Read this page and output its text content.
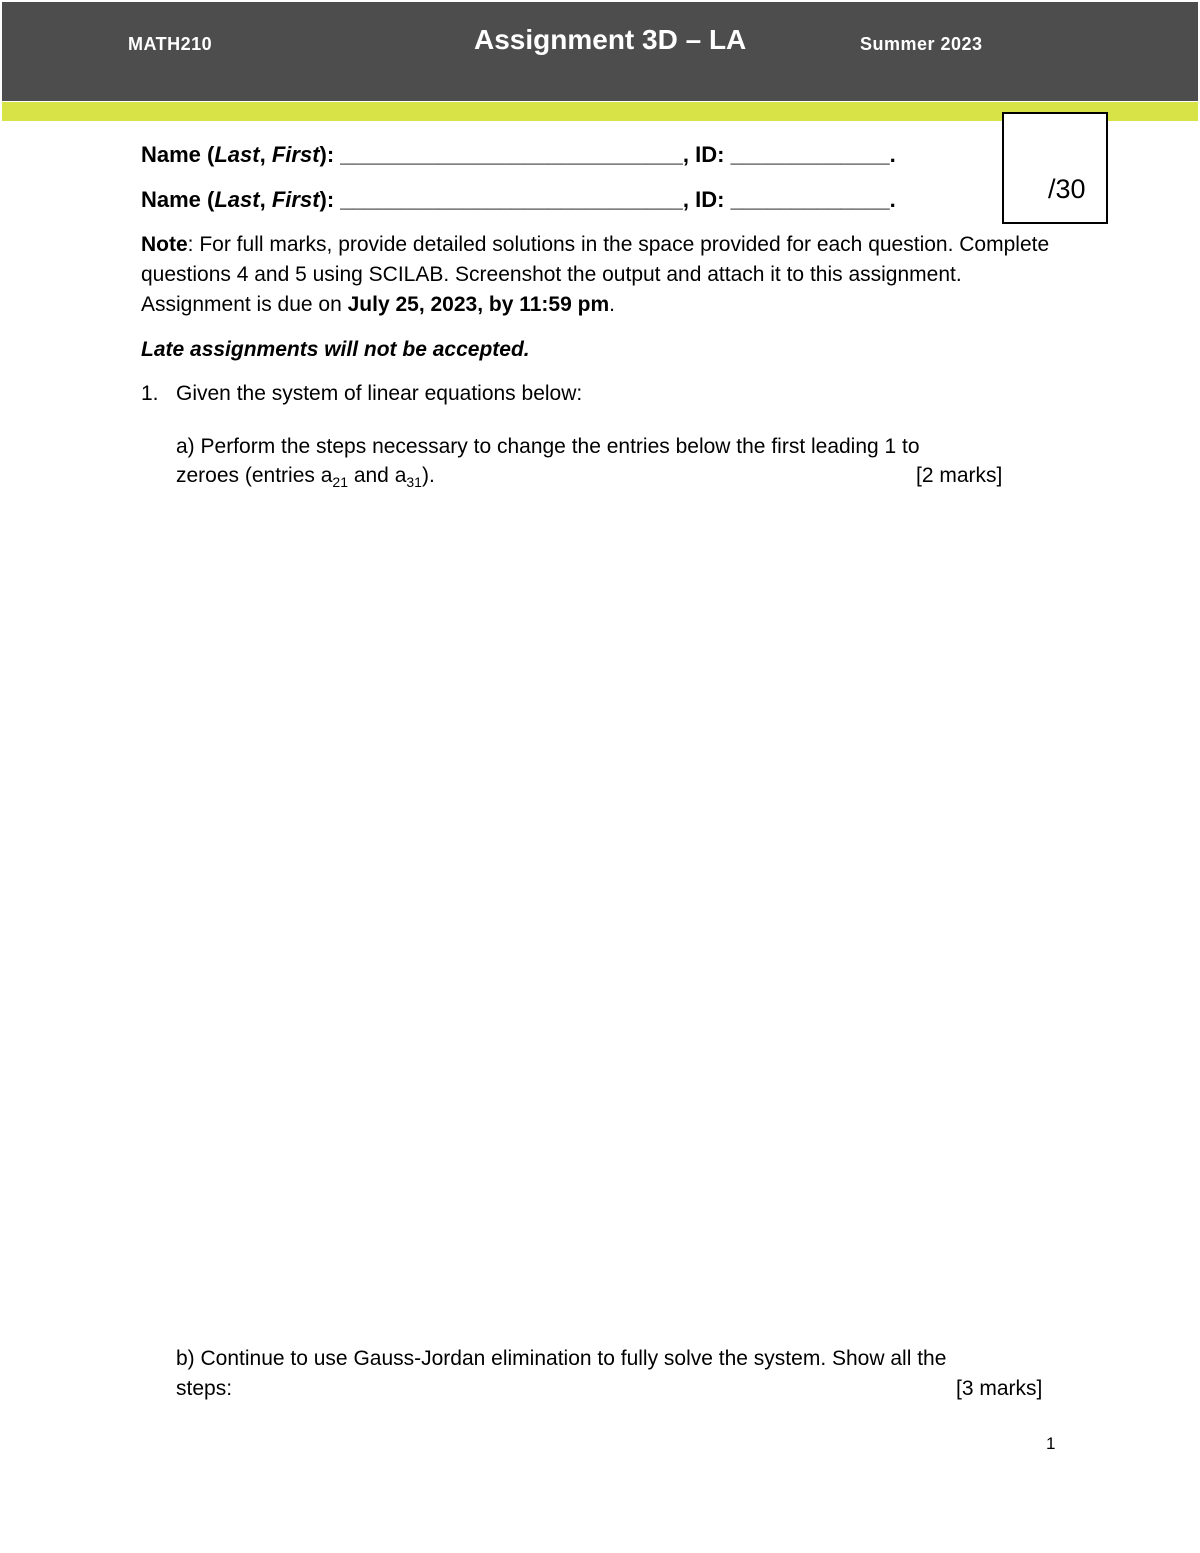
MATH210	Assignment 3D – LA	Summer 2023
/30
Name (Last, First): ____________________________, ID: _____________.
Name (Last, First): ____________________________, ID: _____________.
Note: For full marks, provide detailed solutions in the space provided for each question. Complete questions 4 and 5 using SCILAB. Screenshot the output and attach it to this assignment. Assignment is due on July 25, 2023, by 11:59 pm.
Late assignments will not be accepted.
1. Given the system of linear equations below:
a) Perform the steps necessary to change the entries below the first leading 1 to
zeroes (entries $a_{21}$ and $a_{31}$).	[2 marks]
b) Continue to use Gauss-Jordan elimination to fully solve the system. Show all the
steps:	[3 marks]
1
